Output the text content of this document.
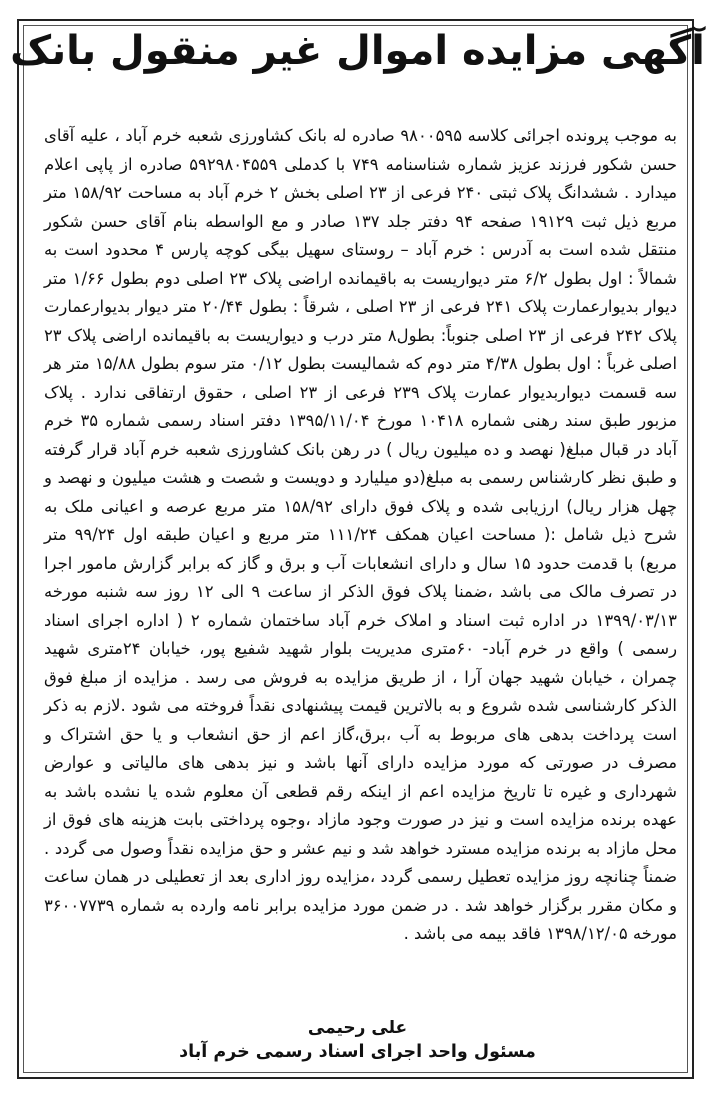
آگهی مزایده اموال غیر منقول بانک

به موجب پرونده اجرائی کلاسه ۹۸۰۰۵۹۵ صادره له بانک کشاورزی شعبه خرم آباد ، علیه آقای حسن شکور فرزند عزیز شماره شناسنامه ۷۴۹ با کدملی ۵۹۲۹۸۰۴۵۵۹ صادره از پاپی اعلام میدارد . ششدانگ پلاک ثبتی ۲۴۰ فرعی از ۲۳ اصلی بخش ۲ خرم آباد به مساحت ۱۵۸/۹۲ متر مربع ذیل ثبت ۱۹۱۲۹ صفحه ۹۴ دفتر جلد ۱۳۷ صادر و مع الواسطه بنام آقای حسن شکور منتقل شده است به آدرس : خرم آباد – روستای سهیل بیگی کوچه پارس ۴ محدود است به شمالاً : اول بطول ۶/۲ متر دیواریست به باقیمانده اراضی پلاک ۲۳ اصلی دوم بطول ۱/۶۶ متر دیوار بدیوارعمارت پلاک ۲۴۱ فرعی از ۲۳ اصلی ، شرقاً : بطول ۲۰/۴۴ متر دیوار بدیوارعمارت پلاک ۲۴۲ فرعی از ۲۳ اصلی جنوباً: بطول۸ متر درب و دیواریست به باقیمانده اراضی پلاک ۲۳ اصلی غرباً : اول بطول ۴/۳۸ متر دوم که شمالیست بطول ۰/۱۲ متر سوم بطول ۱۵/۸۸ متر هر سه قسمت دیواربدیوار عمارت پلاک ۲۳۹ فرعی از ۲۳ اصلی ، حقوق ارتفاقی ندارد . پلاک مزبور طبق سند رهنی شماره ۱۰۴۱۸ مورخ ۱۳۹۵/۱۱/۰۴ دفتر اسناد رسمی شماره ۳۵ خرم آباد در قبال مبلغ( نهصد و ده میلیون ریال ) در رهن بانک کشاورزی شعبه خرم آباد قرار گرفته و طبق نظر کارشناس رسمی به مبلغ(دو میلیارد و دویست و شصت و هشت میلیون و نهصد و چهل هزار ریال) ارزیابی شده و پلاک فوق دارای ۱۵۸/۹۲ متر مربع عرصه و اعیانی ملک به شرح ذیل شامل :( مساحت اعیان همکف ۱۱۱/۲۴ متر مربع و اعیان طبقه اول ۹۹/۲۴ متر مربع) با قدمت حدود ۱۵ سال و دارای انشعابات آب و برق و گاز که برابر گزارش مامور اجرا در تصرف مالک می باشد ،ضمنا پلاک فوق الذکر از ساعت ۹ الی ۱۲ روز سه شنبه مورخه ۱۳۹۹/۰۳/۱۳ در اداره ثبت اسناد و املاک خرم آباد ساختمان شماره ۲ ( اداره اجرای اسناد رسمی ) واقع در خرم آباد- ۶۰متری مدیریت بلوار شهید شفیع پور، خیابان ۲۴متری شهید چمران ، خیابان شهید جهان آرا ، از طریق مزایده به فروش می رسد . مزایده از مبلغ فوق الذکر کارشناسی شده شروع و به بالاترین قیمت پیشنهادی نقداً فروخته می شود .لازم به ذکر است پرداخت بدهی های مربوط به آب ،برق،گاز اعم از حق انشعاب و یا حق اشتراک و مصرف در صورتی که مورد مزایده دارای آنها باشد و نیز بدهی های مالیاتی و عوارض شهرداری و غیره تا تاریخ مزایده اعم از اینکه رقم قطعی آن معلوم شده یا نشده باشد به عهده برنده مزایده است و نیز در صورت وجود مازاد ،وجوه پرداختی بابت هزینه های فوق از محل مازاد به برنده مزایده مسترد خواهد شد و نیم عشر و حق مزایده نقداً وصول می گردد . ضمناً چنانچه روز مزایده تعطیل رسمی گردد ،مزایده روز اداری بعد از تعطیلی در همان ساعت و مکان مقرر برگزار خواهد شد . در ضمن مورد مزایده برابر نامه وارده به شماره ۳۶۰۰۷۷۳۹ مورخه ۱۳۹۸/۱۲/۰۵ فاقد بیمه می باشد .

علی رحیمی

مسئول واحد اجرای اسناد رسمی خرم آباد
